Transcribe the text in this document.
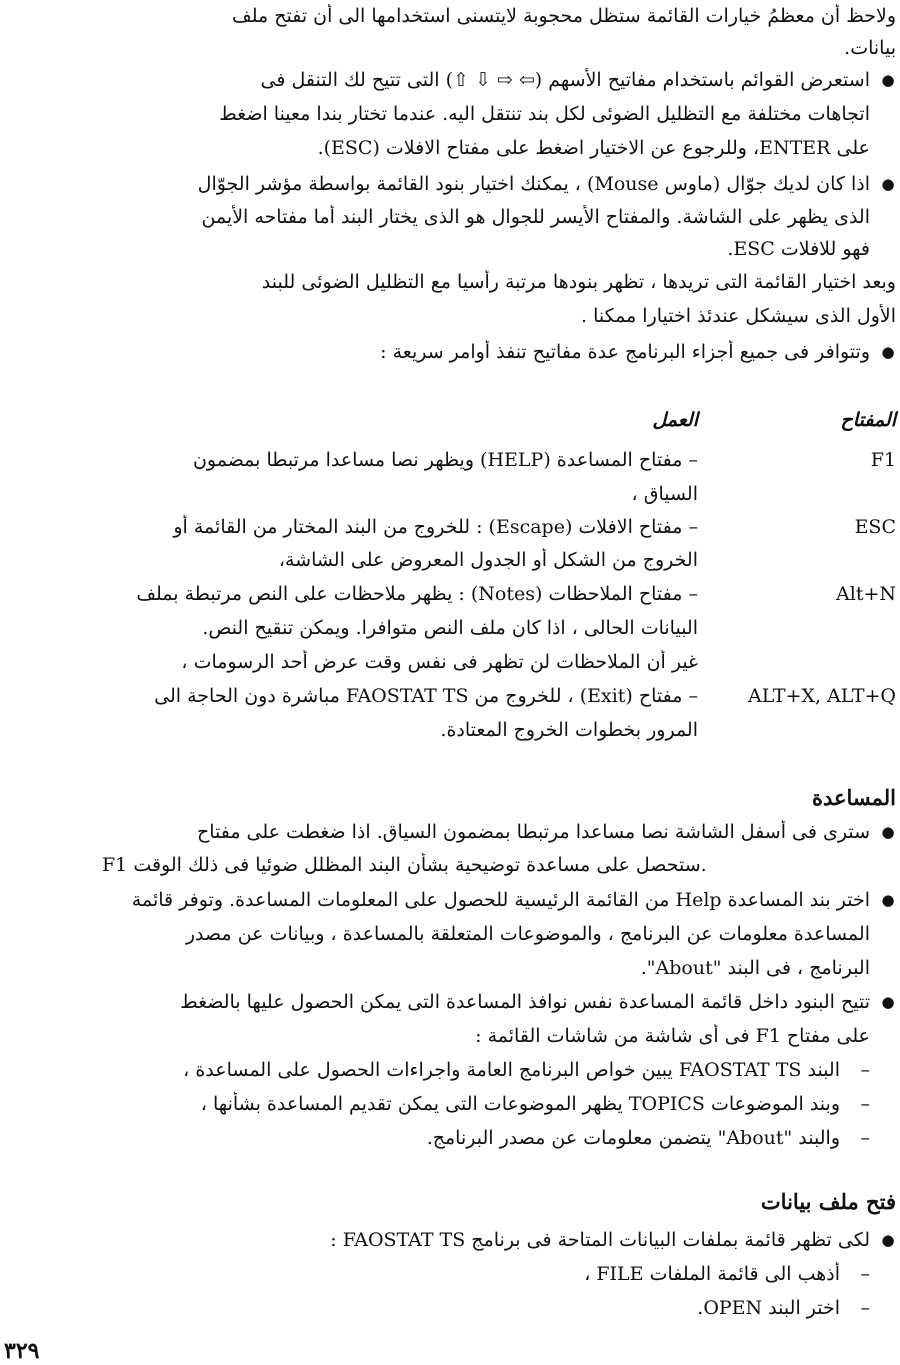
ولاحظ أن معظمُ خيارات القائمة ستظل محجوبة لايتسنى استخدامها الى أن تفتح ملف
بيانات.
●
استعرض القوائم باستخدام مفاتيح الأسهم (⇦ ⇨ ⇩ ⇧) التى تتيح لك التنقل فى
اتجاهات مختلفة مع التظليل الضوئى لكل بند تنتقل اليه. عندما تختار بندا معينا اضغط
على ENTER، وللرجوع عن الاختيار اضغط على مفتاح الافلات (ESC).
●
اذا كان لديك جوّال (ماوس Mouse) ، يمكنك اختيار بنود القائمة بواسطة مؤشر الجوّال
الذى يظهر على الشاشة. والمفتاح الأيسر للجوال هو الذى يختار البند أما مفتاحه الأيمن
فهو للافلات ESC.
وبعد اختيار القائمة التى تريدها ، تظهر بنودها مرتبة رأسيا مع التظليل الضوئى للبند
الأول الذى سيشكل عندئذ اختيارا ممكنا .
●
وتتوافر فى جميع أجزاء البرنامج عدة مفاتيح تنفذ أوامر سريعة :
المفتاح
العمل
F1
– مفتاح المساعدة (HELP) ويظهر نصا مساعدا مرتبطا بمضمون
السياق ،
ESC
– مفتاح الافلات (Escape) : للخروج من البند المختار من القائمة أو
الخروج من الشكل أو الجدول المعروض على الشاشة،
Alt+N
– مفتاح الملاحظات (Notes) : يظهر ملاحظات على النص مرتبطة بملف
البيانات الحالى ، اذا كان ملف النص متوافرا. ويمكن تنقيح النص.
غير أن الملاحظات لن تظهر فى نفس وقت عرض أحد الرسومات ،
ALT+X, ALT+Q
– مفتاح (Exit) ، للخروج من FAOSTAT TS مباشرة دون الحاجة الى
المرور بخطوات الخروج المعتادة.
المساعدة
●
سترى فى أسفل الشاشة نصا مساعدا مرتبطا بمضمون السياق. اذا ضغطت على مفتاح
F1 ستحصل على مساعدة توضيحية بشأن البند المظلل ضوئيا فى ذلك الوقت.
●
اختر بند المساعدة Help من القائمة الرئيسية للحصول على المعلومات المساعدة. وتوفر قائمة
المساعدة معلومات عن البرنامج ، والموضوعات المتعلقة بالمساعدة ، وبيانات عن مصدر
البرنامج ، فى البند "About".
●
تتيح البنود داخل قائمة المساعدة نفس نوافذ المساعدة التى يمكن الحصول عليها بالضغط
على مفتاح F1 فى أى شاشة من شاشات القائمة :
–
البند FAOSTAT TS يبين خواص البرنامج العامة واجراءات الحصول على المساعدة ،
–
وبند الموضوعات TOPICS يظهر الموضوعات التى يمكن تقديم المساعدة بشأنها ،
–
والبند "About" يتضمن معلومات عن مصدر البرنامج.
فتح ملف بيانات
●
لكى تظهر قائمة بملفات البيانات المتاحة فى برنامج FAOSTAT TS :
–
أذهب الى قائمة الملفات FILE ،
–
اختر البند OPEN.
٣٢٩
